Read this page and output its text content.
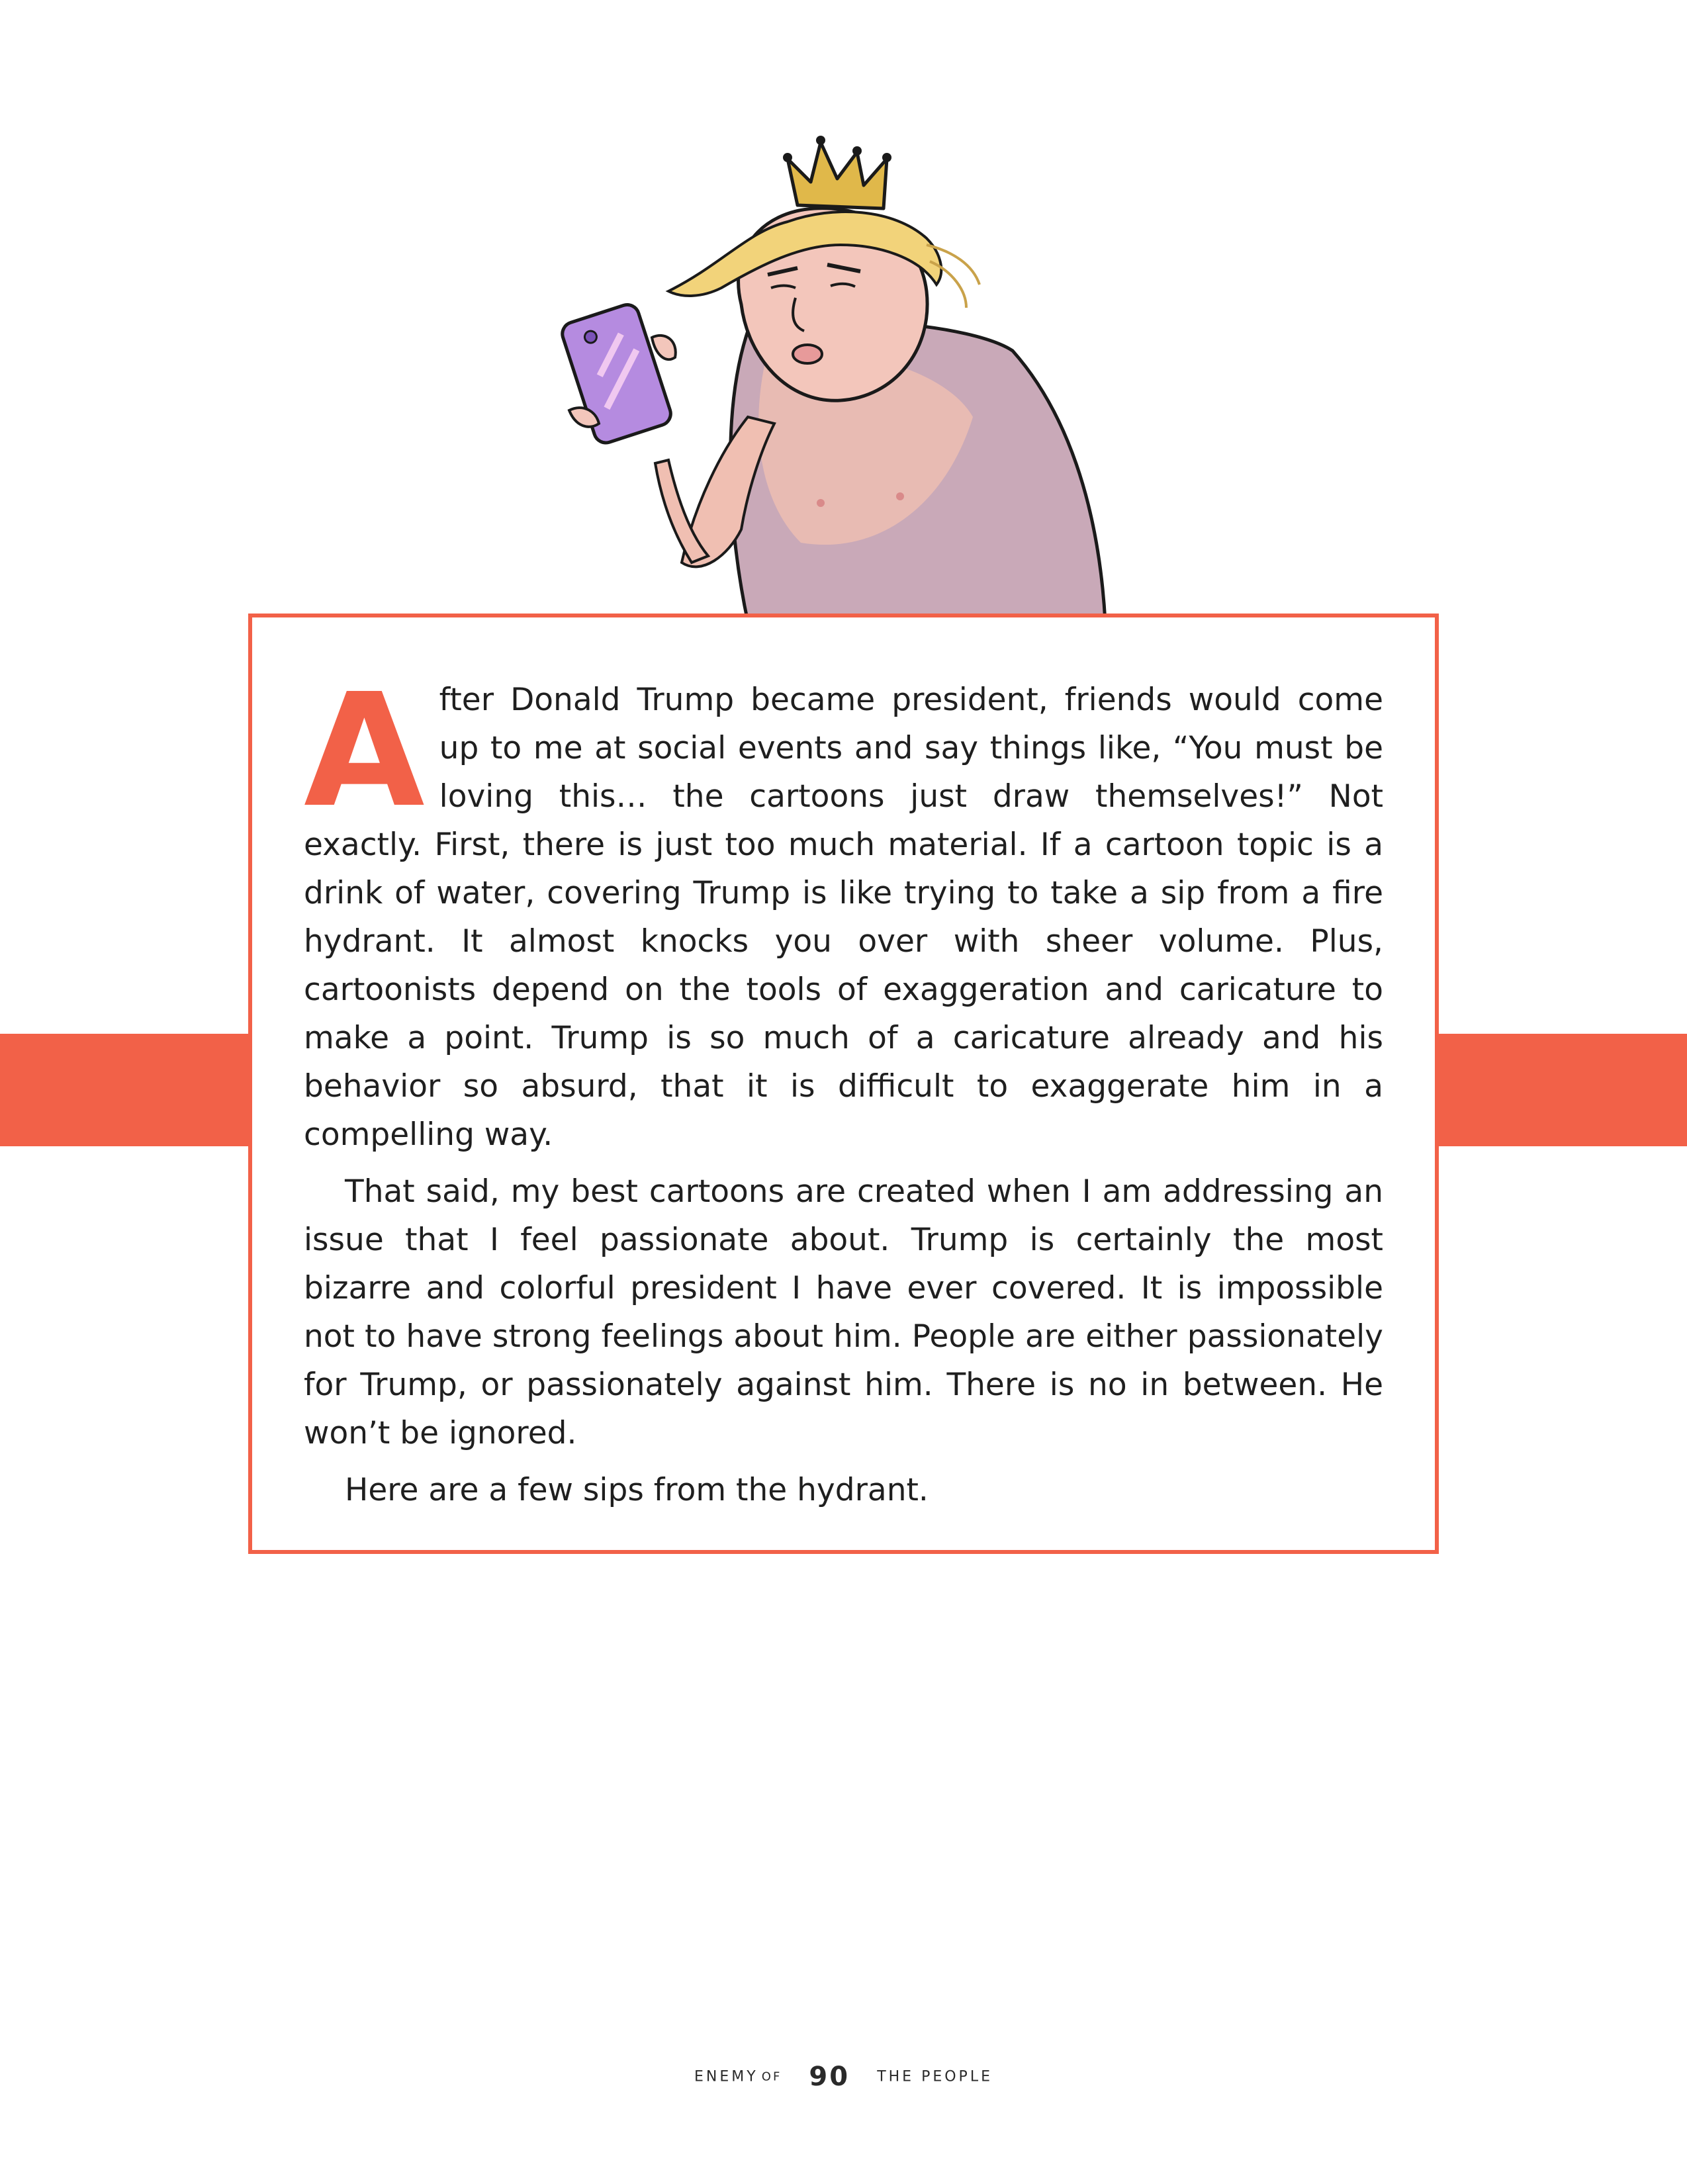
A fter Donald Trump became president, friends would come up to me at social events and say things like, “You must be loving this… the cartoons just draw themselves!” Not exactly. First, there is just too much material. If a cartoon topic is a drink of water, covering Trump is like trying to take a sip from a fire hydrant. It almost knocks you over with sheer volume. Plus, cartoonists depend on the tools of exaggeration and caricature to make a point. Trump is so much of a caricature already and his behavior so absurd, that it is difficult to exaggerate him in a compelling way.

That said, my best cartoons are created when I am addressing an issue that I feel passionate about. Trump is certainly the most bizarre and colorful president I have ever covered. It is impossible not to have strong feelings about him. People are either passionately for Trump, or passionately against him. There is no in between. He won’t be ignored.

Here are a few sips from the hydrant.

ENEMY OF 90 THE PEOPLE
